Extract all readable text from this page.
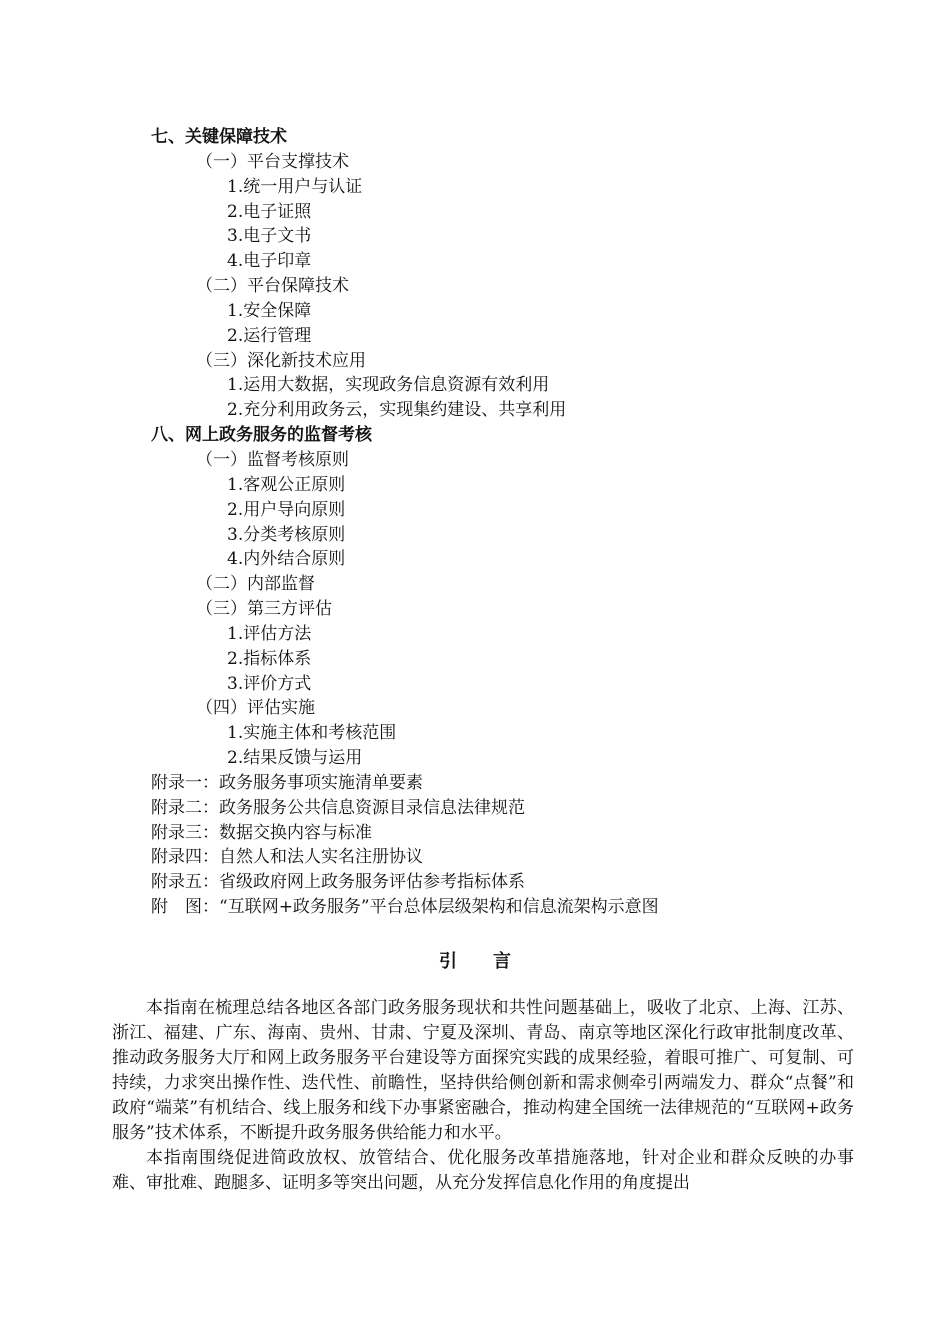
七、关键保障技术
（一）平台支撑技术
1.统一用户与认证
2.电子证照
3.电子文书
4.电子印章
（二）平台保障技术
1.安全保障
2.运行管理
（三）深化新技术应用
1.运用大数据，实现政务信息资源有效利用
2.充分利用政务云，实现集约建设、共享利用
八、网上政务服务的监督考核
（一）监督考核原则
1.客观公正原则
2.用户导向原则
3.分类考核原则
4.内外结合原则
（二）内部监督
（三）第三方评估
1.评估方法
2.指标体系
3.评价方式
（四）评估实施
1.实施主体和考核范围
2.结果反馈与运用
附录一：政务服务事项实施清单要素
附录二：政务服务公共信息资源目录信息法律规范
附录三：数据交换内容与标准
附录四：自然人和法人实名注册协议
附录五：省级政府网上政务服务评估参考指标体系
附　图：“互联网+政务服务”平台总体层级架构和信息流架构示意图
引言

本指南在梳理总结各地区各部门政务服务现状和共性问题基础上，吸收了北京、上海、江苏、浙江、福建、广东、海南、贵州、甘肃、宁夏及深圳、青岛、南京等地区深化行政审批制度改革、推动政务服务大厅和网上政务服务平台建设等方面探究实践的成果经验，着眼可推广、可复制、可持续，力求突出操作性、迭代性、前瞻性，坚持供给侧创新和需求侧牵引两端发力、群众“点餐”和政府“端菜”有机结合、线上服务和线下办事紧密融合，推动构建全国统一法律规范的“互联网+政务服务”技术体系，不断提升政务服务供给能力和水平。

本指南围绕促进简政放权、放管结合、优化服务改革措施落地，针对企业和群众反映的办事难、审批难、跑腿多、证明多等突出问题，从充分发挥信息化作用的角度提出
